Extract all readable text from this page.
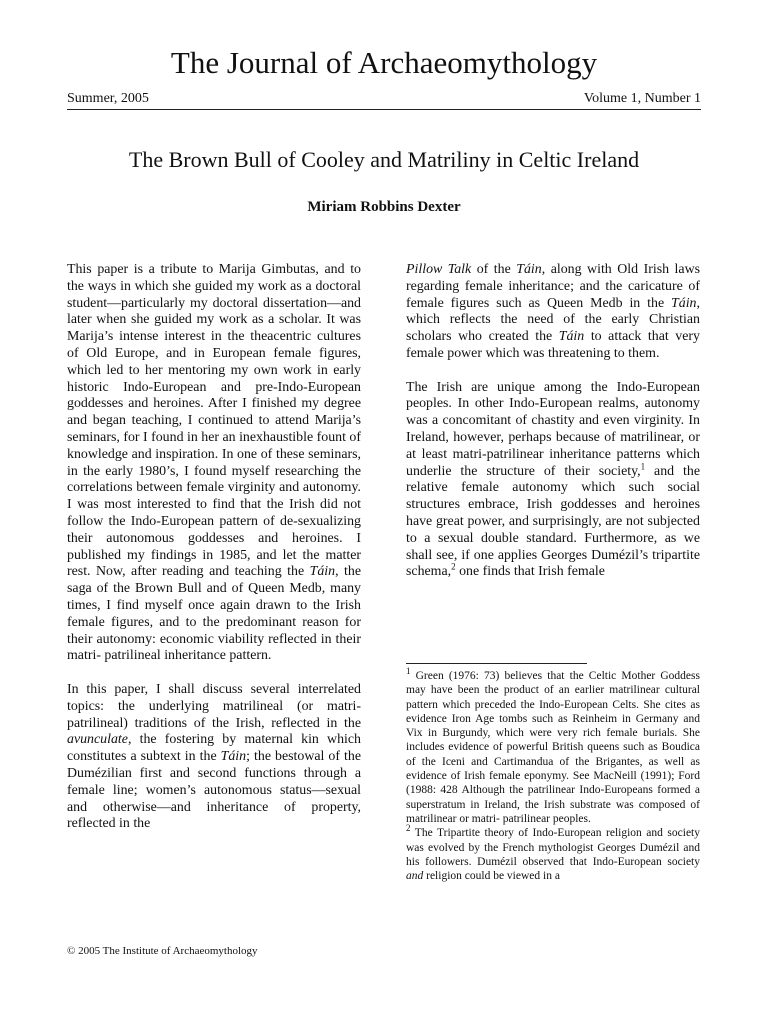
The Journal of Archaeomythology
Summer, 2005	Volume 1, Number 1
The Brown Bull of Cooley and Matriliny in Celtic Ireland
Miriam Robbins Dexter

This paper is a tribute to Marija Gimbutas, and to the ways in which she guided my work as a doctoral student—particularly my doctoral dissertation—and later when she guided my work as a scholar. It was Marija’s intense interest in the theacentric cultures of Old Europe, and in European female figures, which led to her mentoring my own work in early historic Indo-European and pre-Indo-European goddesses and heroines. After I finished my degree and began teaching, I continued to attend Marija’s seminars, for I found in her an inexhaustible fount of knowledge and inspiration. In one of these seminars, in the early 1980’s, I found myself researching the correlations between female virginity and autonomy. I was most interested to find that the Irish did not follow the Indo-European pattern of de-sexualizing their autonomous goddesses and heroines. I published my findings in 1985, and let the matter rest. Now, after reading and teaching the Táin, the saga of the Brown Bull and of Queen Medb, many times, I find myself once again drawn to the Irish female figures, and to the predominant reason for their autonomy: economic viability reflected in their matri- patrilineal inheritance pattern.

In this paper, I shall discuss several interrelated topics: the underlying matrilineal (or matri-patrilineal) traditions of the Irish, reflected in the avunculate, the fostering by maternal kin which constitutes a subtext in the Táin; the bestowal of the Dumézilian first and second functions through a female line; women’s autonomous status—sexual and otherwise—and inheritance of property, reflected in the

Pillow Talk of the Táin, along with Old Irish laws regarding female inheritance; and the caricature of female figures such as Queen Medb in the Táin, which reflects the need of the early Christian scholars who created the Táin to attack that very female power which was threatening to them.

The Irish are unique among the Indo-European peoples. In other Indo-European realms, autonomy was a concomitant of chastity and even virginity. In Ireland, however, perhaps because of matrilinear, or at least matri-patrilinear inheritance patterns which underlie the structure of their society,$^1$ and the relative female autonomy which such social structures embrace, Irish goddesses and heroines have great power, and surprisingly, are not subjected to a sexual double standard. Furthermore, as we shall see, if one applies Georges Dumézil’s tripartite schema,$^2$ one finds that Irish female

$^1$ Green (1976: 73) believes that the Celtic Mother Goddess may have been the product of an earlier matrilinear cultural pattern which preceded the Indo-European Celts. She cites as evidence Iron Age tombs such as Reinheim in Germany and Vix in Burgundy, which were very rich female burials. She includes evidence of powerful British queens such as Boudica of the Iceni and Cartimandua of the Brigantes, as well as evidence of Irish female eponymy. See MacNeill (1991); Ford (1988: 428 Although the patrilinear Indo-Europeans formed a superstratum in Ireland, the Irish substrate was composed of matrilinear or matri- patrilinear peoples.

$^2$ The Tripartite theory of Indo-European religion and society was evolved by the French mythologist Georges Dumézil and his followers. Dumézil observed that Indo-European society and religion could be viewed in a

© 2005 The Institute of Archaeomythology
